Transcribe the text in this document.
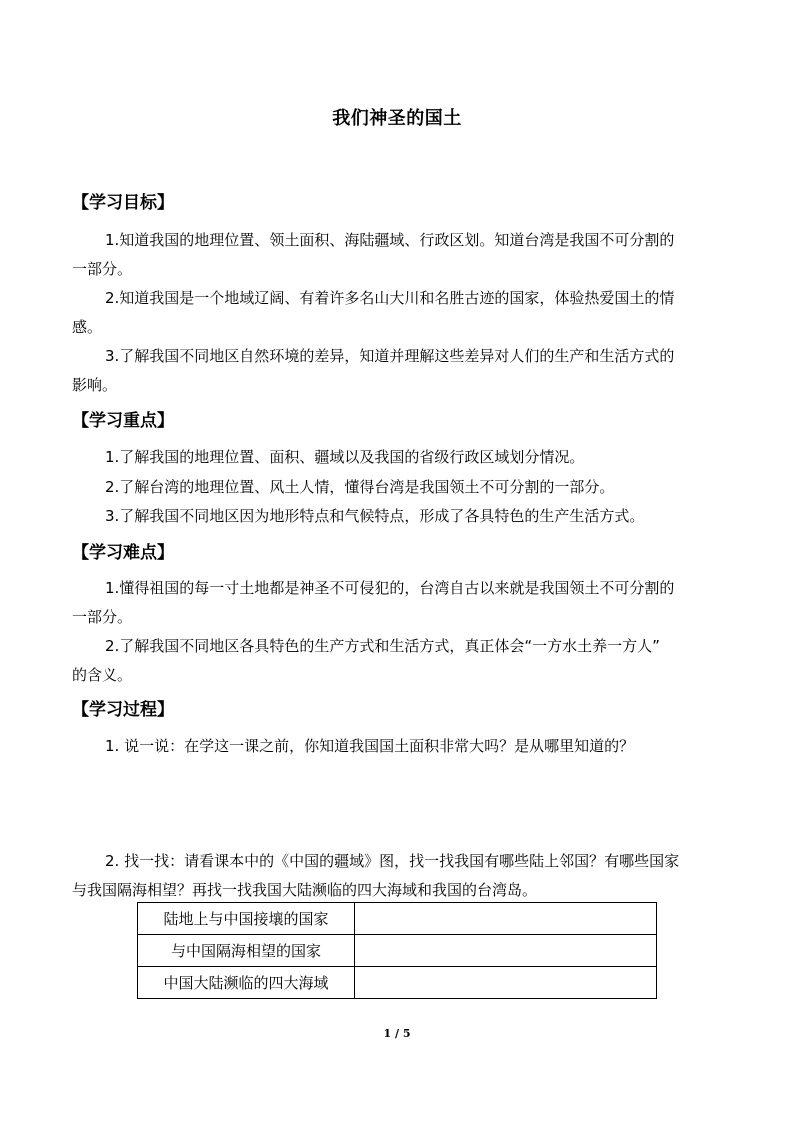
我们神圣的国土
【学习目标】
1.知道我国的地理位置、领土面积、海陆疆域、行政区划。知道台湾是我国不可分割的
一部分。
2.知道我国是一个地域辽阔、有着许多名山大川和名胜古迹的国家，体验热爱国土的情
感。
3.了解我国不同地区自然环境的差异，知道并理解这些差异对人们的生产和生活方式的
影响。
【学习重点】
1.了解我国的地理位置、面积、疆域以及我国的省级行政区域划分情况。
2.了解台湾的地理位置、风土人情，懂得台湾是我国领土不可分割的一部分。
3.了解我国不同地区因为地形特点和气候特点，形成了各具特色的生产生活方式。
【学习难点】
1.懂得祖国的每一寸土地都是神圣不可侵犯的，台湾自古以来就是我国领土不可分割的
一部分。
2.了解我国不同地区各具特色的生产方式和生活方式，真正体会“一方水土养一方人”
的含义。
【学习过程】
1. 说一说：在学这一课之前，你知道我国国土面积非常大吗？是从哪里知道的？
2. 找一找：请看课本中的《中国的疆域》图，找一找我国有哪些陆上邻国？有哪些国家
与我国隔海相望？再找一找我国大陆濒临的四大海域和我国的台湾岛。
陆地上与中国接壤的国家	
与中国隔海相望的国家	
中国大陆濒临的四大海域	
1 / 5
